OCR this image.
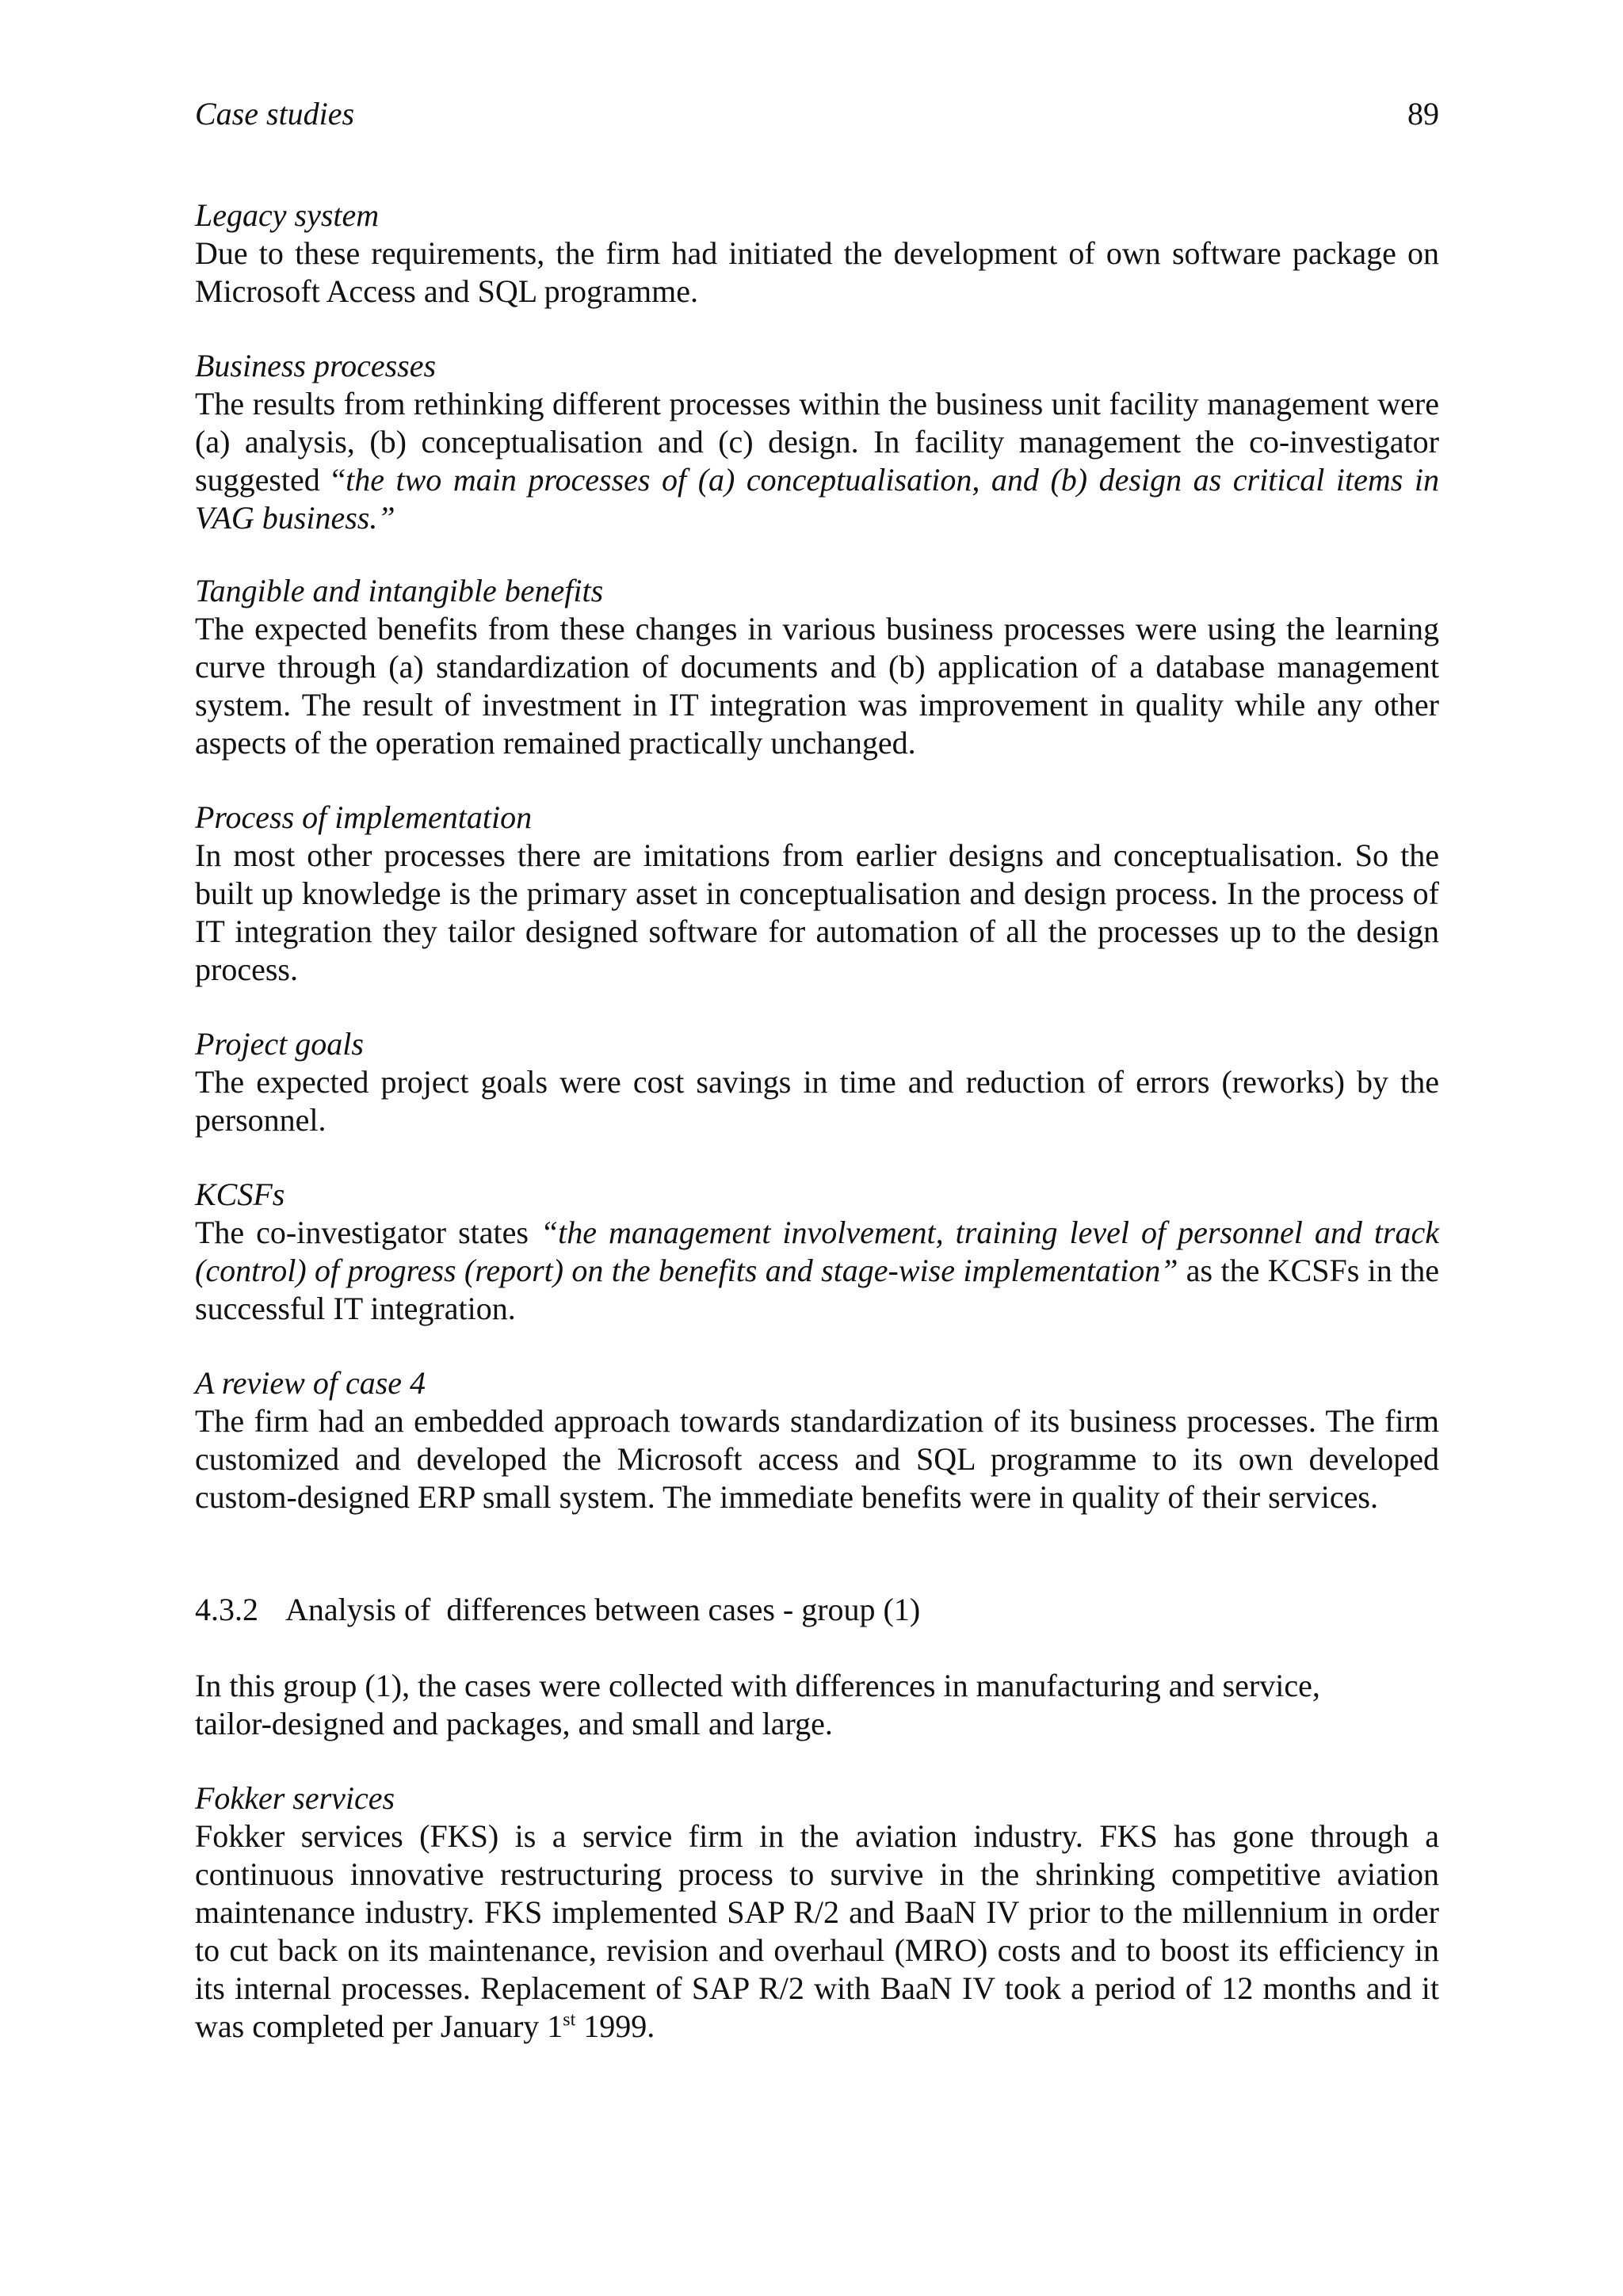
Case studies	89
Legacy system
Due to these requirements, the firm had initiated the development of own software package on Microsoft Access and SQL programme.
Business processes
The results from rethinking different processes within the business unit facility management were (a) analysis, (b) conceptualisation and (c) design. In facility management the co-investigator suggested “the two main processes of (a) conceptualisation, and (b) design as critical items in VAG business.”
Tangible and intangible benefits
The expected benefits from these changes in various business processes were using the learning curve through (a) standardization of documents and (b) application of a database management system. The result of investment in IT integration was improvement in quality while any other aspects of the operation remained practically unchanged.
Process of implementation
In most other processes there are imitations from earlier designs and conceptualisation. So the built up knowledge is the primary asset in conceptualisation and design process. In the process of IT integration they tailor designed software for automation of all the processes up to the design process.
Project goals
The expected project goals were cost savings in time and reduction of errors (reworks) by the personnel.
KCSFs
The co-investigator states “the management involvement, training level of personnel and track (control) of progress (report) on the benefits and stage-wise implementation” as the KCSFs in the successful IT integration.
A review of case 4
The firm had an embedded approach towards standardization of its business processes. The firm customized and developed the Microsoft access and SQL programme to its own developed custom-designed ERP small system. The immediate benefits were in quality of their services.
4.3.2 Analysis of  differences between cases - group (1)
In this group (1), the cases were collected with differences in manufacturing and service, tailor-designed and packages, and small and large.
Fokker services
Fokker services (FKS) is a service firm in the aviation industry. FKS has gone through a continuous innovative restructuring process to survive in the shrinking competitive aviation maintenance industry. FKS implemented SAP R/2 and BaaN IV prior to the millennium in order to cut back on its maintenance, revision and overhaul (MRO) costs and to boost its efficiency in its internal processes. Replacement of SAP R/2 with BaaN IV took a period of 12 months and it was completed per January 1st 1999.
